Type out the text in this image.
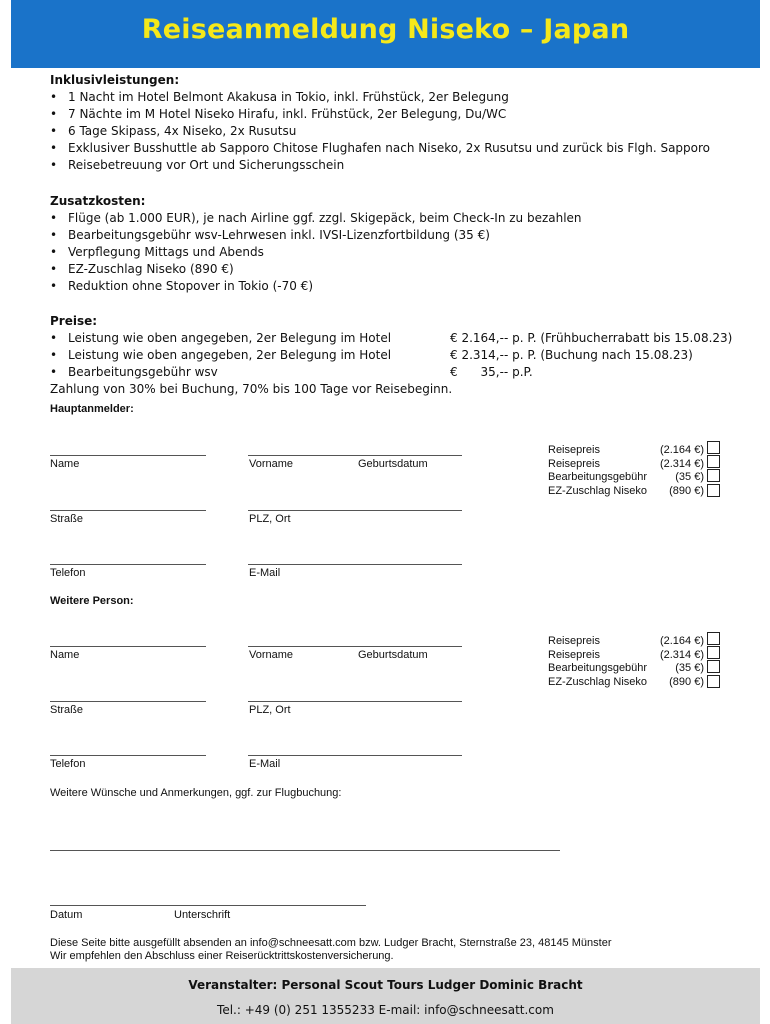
Reiseanmeldung Niseko – Japan
Inklusivleistungen:
• 1 Nacht im Hotel Belmont Akakusa in Tokio, inkl. Frühstück, 2er Belegung
• 7 Nächte im M Hotel Niseko Hirafu, inkl. Frühstück, 2er Belegung, Du/WC
• 6 Tage Skipass, 4x Niseko, 2x Rusutsu
• Exklusiver Busshuttle ab Sapporo Chitose Flughafen nach Niseko, 2x Rusutsu und zurück bis Flgh. Sapporo
• Reisebetreuung vor Ort und Sicherungsschein
Zusatzkosten:
• Flüge (ab 1.000 EUR), je nach Airline ggf. zzgl. Skigepäck, beim Check-In zu bezahlen
• Bearbeitungsgebühr wsv-Lehrwesen inkl. IVSI-Lizenzfortbildung (35 €)
• Verpflegung Mittags und Abends
• EZ-Zuschlag Niseko (890 €)
• Reduktion ohne Stopover in Tokio (-70 €)
Preise:
• Leistung wie oben angegeben, 2er Belegung im Hotel	€ 2.164,-- p. P. (Frühbucherrabatt bis 15.08.23)
• Leistung wie oben angegeben, 2er Belegung im Hotel	€ 2.314,-- p. P. (Buchung nach 15.08.23)
• Bearbeitungsgebühr wsv	€      35,-- p.P.
Zahlung von 30% bei Buchung, 70% bis 100 Tage vor Reisebeginn.
Hauptanmelder:
Name	Vorname	Geburtsdatum
Straße	PLZ, Ort
Telefon	E-Mail
Reisepreis	(2.164 €)
Reisepreis	(2.314 €)
Bearbeitungsgebühr	(35 €)
EZ-Zuschlag Niseko	(890 €)
Weitere Person:
Name	Vorname	Geburtsdatum
Straße	PLZ, Ort
Telefon	E-Mail
Reisepreis	(2.164 €)
Reisepreis	(2.314 €)
Bearbeitungsgebühr	(35 €)
EZ-Zuschlag Niseko	(890 €)
Weitere Wünsche und Anmerkungen, ggf. zur Flugbuchung:
Datum	Unterschrift
Diese Seite bitte ausgefüllt absenden an info@schneesatt.com bzw. Ludger Bracht, Sternstraße 23, 48145 Münster
Wir empfehlen den Abschluss einer Reiserücktrittskostenversicherung.
Veranstalter: Personal Scout Tours Ludger Dominic Bracht
Tel.: +49 (0) 251 1355233 E-mail: info@schneesatt.com
